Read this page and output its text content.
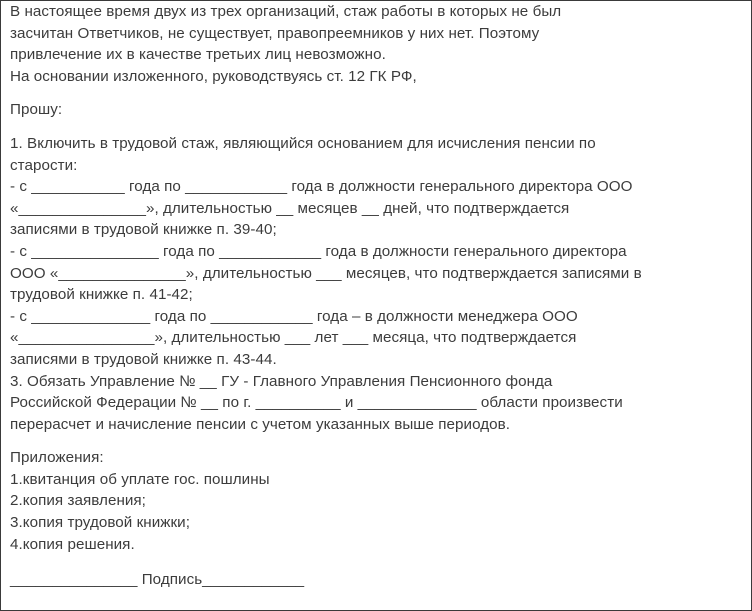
В настоящее время двух из трех организаций, стаж работы в которых не был
засчитан Ответчиков, не существует, правопреемников у них нет. Поэтому
привлечение их в качестве третьих лиц невозможно.
На основании изложенного, руководствуясь ст. 12 ГК РФ,
Прошу:
1. Включить в трудовой стаж, являющийся основанием для исчисления пенсии по
старости:
- с ___________ года по ____________ года в должности генерального директора ООО
«_______________», длительностью __ месяцев __ дней, что подтверждается
записями в трудовой книжке п. 39-40;
- с _______________ года по ____________ года в должности генерального директора
ООО «_______________», длительностью ___ месяцев, что подтверждается записями в
трудовой книжке п. 41-42;
- с ______________ года по ____________ года – в должности менеджера ООО
«________________», длительностью ___ лет ___ месяца, что подтверждается
записями в трудовой книжке п. 43-44.
3. Обязать Управление № __ ГУ - Главного Управления Пенсионного фонда
Российской Федерации № __ по г. __________ и ______________ области произвести
перерасчет и начисление пенсии с учетом указанных выше периодов.
Приложения:
1.квитанция об уплате гос. пошлины
2.копия заявления;
3.копия трудовой книжки;
4.копия решения.
_______________ Подпись____________
